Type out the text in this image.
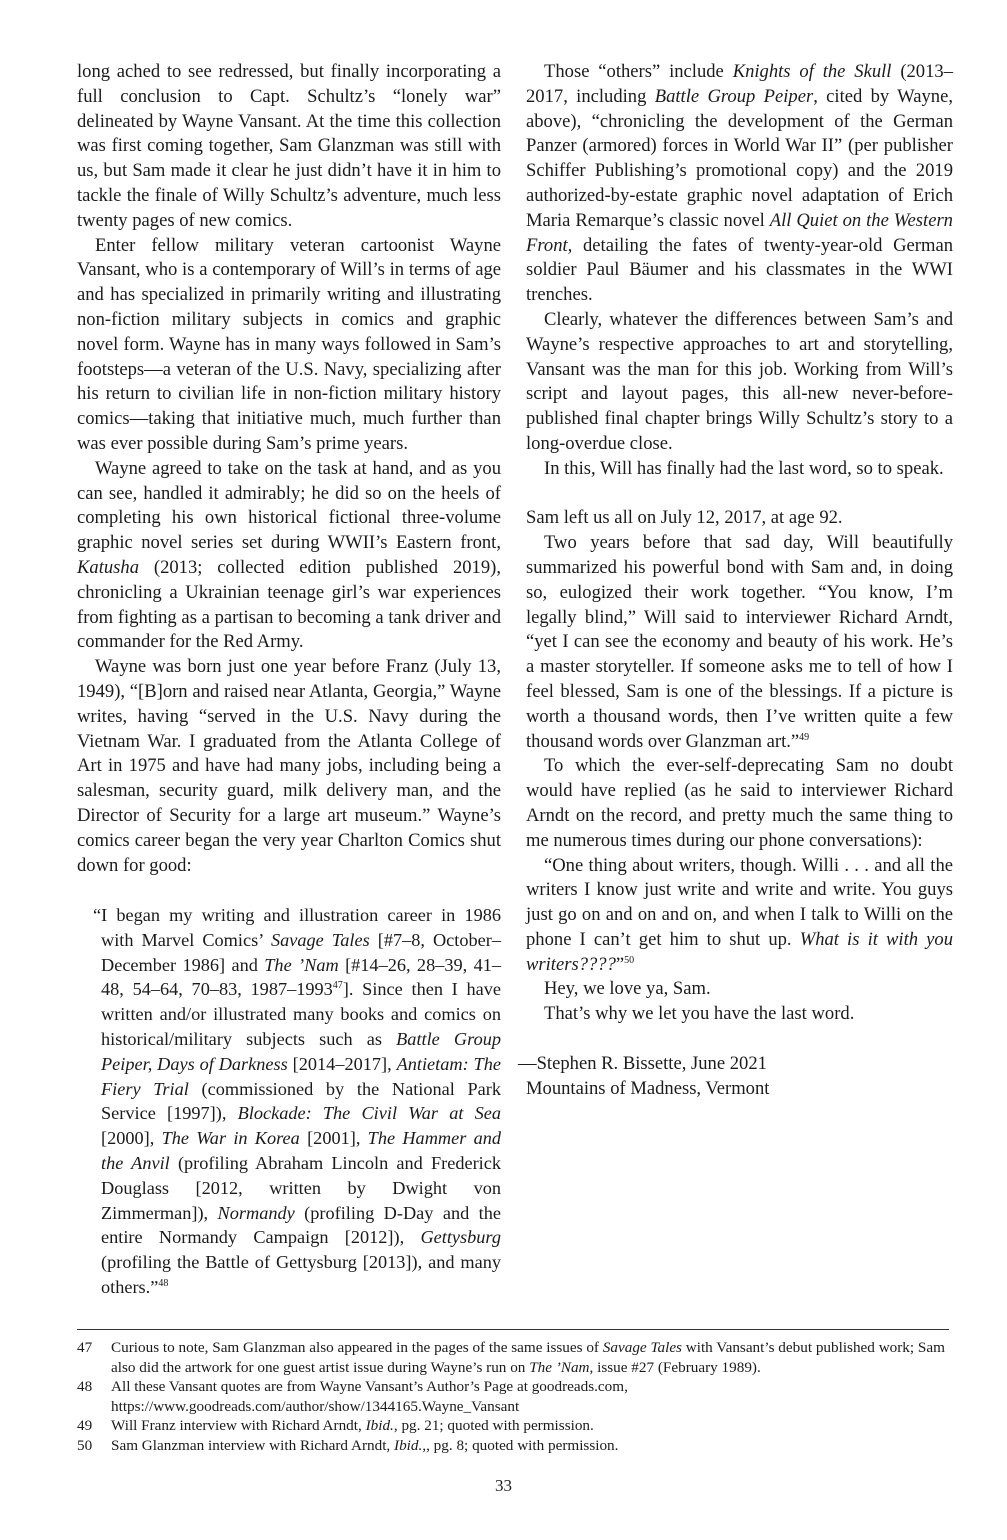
long ached to see redressed, but finally incorporating a full conclusion to Capt. Schultz’s “lonely war” delineated by Wayne Vansant. At the time this collection was first coming together, Sam Glanzman was still with us, but Sam made it clear he just didn’t have it in him to tackle the finale of Willy Schultz’s adventure, much less twenty pages of new comics.

Enter fellow military veteran cartoonist Wayne Vansant, who is a contemporary of Will’s in terms of age and has specialized in primarily writing and illustrating non-fiction military subjects in comics and graphic novel form. Wayne has in many ways followed in Sam’s footsteps—a veteran of the U.S. Navy, specializing after his return to civilian life in non-fiction military history comics—taking that initiative much, much further than was ever possible during Sam’s prime years.

Wayne agreed to take on the task at hand, and as you can see, handled it admirably; he did so on the heels of completing his own historical fictional three-volume graphic novel series set during WWII’s Eastern front, Katusha (2013; collected edition published 2019), chronicling a Ukrainian teenage girl’s war experiences from fighting as a partisan to becoming a tank driver and commander for the Red Army.

Wayne was born just one year before Franz (July 13, 1949), “[B]orn and raised near Atlanta, Georgia,” Wayne writes, having “served in the U.S. Navy during the Vietnam War. I graduated from the Atlanta College of Art in 1975 and have had many jobs, including being a salesman, security guard, milk delivery man, and the Director of Security for a large art museum.” Wayne’s comics career began the very year Charlton Comics shut down for good:

“I began my writing and illustration career in 1986 with Marvel Comics’ Savage Tales [#7–8, October–December 1986] and The ’Nam [#14–26, 28–39, 41–48, 54–64, 70–83, 1987–1993$^{47}$]. Since then I have written and/or illustrated many books and comics on historical/military subjects such as Battle Group Peiper, Days of Darkness [2014–2017], Antietam: The Fiery Trial (commissioned by the National Park Service [1997]), Blockade: The Civil War at Sea [2000], The War in Korea [2001], The Hammer and the Anvil (profiling Abraham Lincoln and Frederick Douglass [2012, written by Dwight von Zimmerman]), Normandy (profiling D-Day and the entire Normandy Campaign [2012]), Gettysburg (profiling the Battle of Gettysburg [2013]), and many others.”$^{48}$

Those “others” include Knights of the Skull (2013–2017, including Battle Group Peiper, cited by Wayne, above), “chronicling the development of the German Panzer (armored) forces in World War II” (per publisher Schiffer Publishing’s promotional copy) and the 2019 authorized-by-estate graphic novel adaptation of Erich Maria Remarque’s classic novel All Quiet on the Western Front, detailing the fates of twenty-year-old German soldier Paul Bäumer and his classmates in the WWI trenches.

Clearly, whatever the differences between Sam’s and Wayne’s respective approaches to art and storytelling, Vansant was the man for this job. Working from Will’s script and layout pages, this all-new never-before-published final chapter brings Willy Schultz’s story to a long-overdue close.

In this, Will has finally had the last word, so to speak.

Sam left us all on July 12, 2017, at age 92.

Two years before that sad day, Will beautifully summarized his powerful bond with Sam and, in doing so, eulogized their work together. “You know, I’m legally blind,” Will said to interviewer Richard Arndt, “yet I can see the economy and beauty of his work. He’s a master storyteller. If someone asks me to tell of how I feel blessed, Sam is one of the blessings. If a picture is worth a thousand words, then I’ve written quite a few thousand words over Glanzman art.”$^{49}$

To which the ever-self-deprecating Sam no doubt would have replied (as he said to interviewer Richard Arndt on the record, and pretty much the same thing to me numerous times during our phone conversations):

“One thing about writers, though. Willi . . . and all the writers I know just write and write and write. You guys just go on and on and on, and when I talk to Willi on the phone I can’t get him to shut up. What is it with you writers????”$^{50}$

Hey, we love ya, Sam.

That’s why we let you have the last word.

—Stephen R. Bissette, June 2021

Mountains of Madness, Vermont

47	Curious to note, Sam Glanzman also appeared in the pages of the same issues of Savage Tales with Vansant’s debut published work; Sam also did the artwork for one guest artist issue during Wayne’s run on The ’Nam, issue #27 (February 1989).
48	All these Vansant quotes are from Wayne Vansant’s Author’s Page at goodreads.com, https://www.goodreads.com/author/show/1344165.Wayne_Vansant
49	Will Franz interview with Richard Arndt, Ibid., pg. 21; quoted with permission.
50	Sam Glanzman interview with Richard Arndt, Ibid.,, pg. 8; quoted with permission.
33
